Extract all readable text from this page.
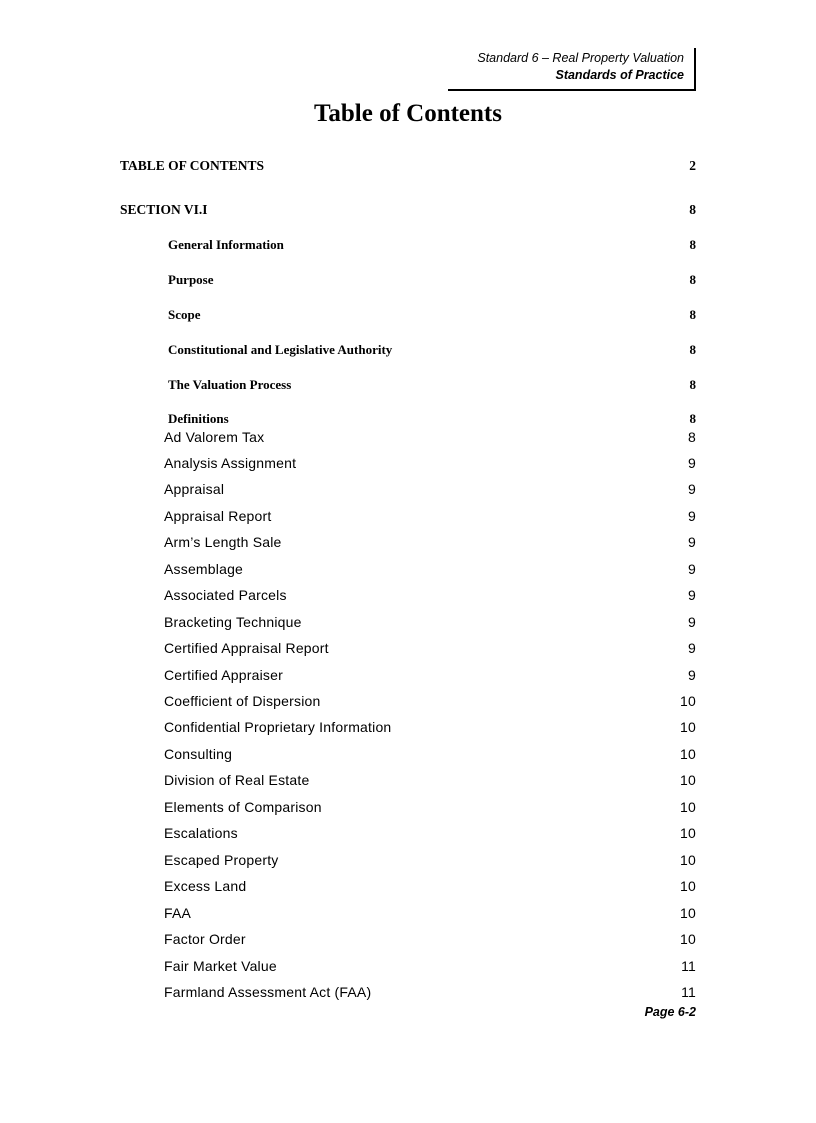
Standard 6 – Real Property Valuation
Standards of Practice
Table of Contents
TABLE OF CONTENTS	2
SECTION VI.I	8
General Information	8
Purpose	8
Scope	8
Constitutional and Legislative Authority	8
The Valuation Process	8
Definitions	8
Ad Valorem Tax	8
Analysis Assignment	9
Appraisal	9
Appraisal Report	9
Arm’s Length Sale	9
Assemblage	9
Associated Parcels	9
Bracketing Technique	9
Certified Appraisal Report	9
Certified Appraiser	9
Coefficient of Dispersion	10
Confidential Proprietary Information	10
Consulting	10
Division of Real Estate	10
Elements of Comparison	10
Escalations	10
Escaped Property	10
Excess Land	10
FAA	10
Factor Order	10
Fair Market Value	11
Farmland Assessment Act (FAA)	11
Page 6-2
